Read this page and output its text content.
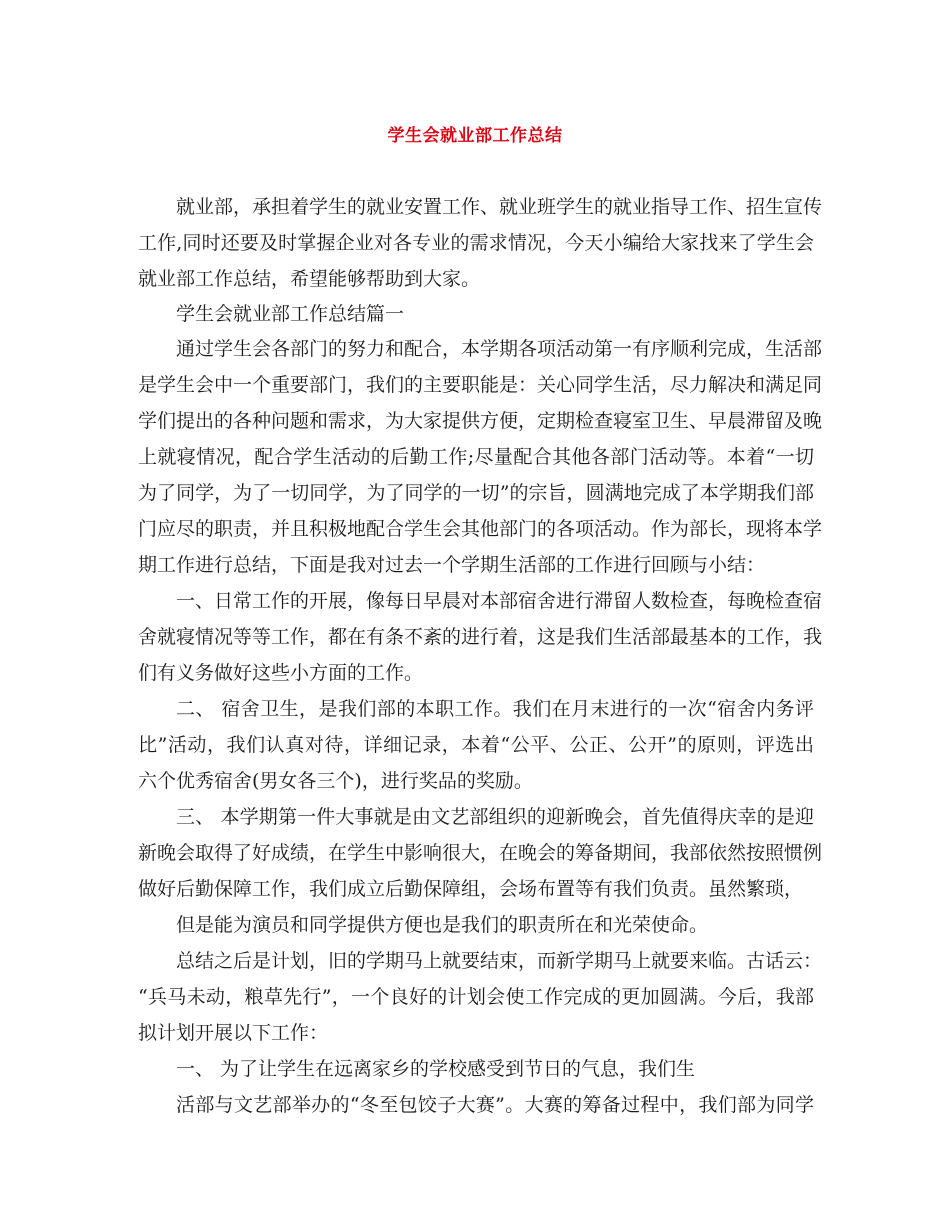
学生会就业部工作总结
就业部，承担着学生的就业安置工作、就业班学生的就业指导工作、招生宣传
工作,同时还要及时掌握企业对各专业的需求情况，今天小编给大家找来了学生会
就业部工作总结，希望能够帮助到大家。
学生会就业部工作总结篇一
通过学生会各部门的努力和配合，本学期各项活动第一有序顺利完成，生活部
是学生会中一个重要部门，我们的主要职能是：关心同学生活，尽力解决和满足同
学们提出的各种问题和需求，为大家提供方便，定期检查寝室卫生、早晨滞留及晚
上就寝情况，配合学生活动的后勤工作;尽量配合其他各部门活动等。本着“一切
为了同学，为了一切同学，为了同学的一切”的宗旨，圆满地完成了本学期我们部
门应尽的职责，并且积极地配合学生会其他部门的各项活动。作为部长，现将本学
期工作进行总结，下面是我对过去一个学期生活部的工作进行回顾与小结：
一、日常工作的开展，像每日早晨对本部宿舍进行滞留人数检查，每晚检查宿
舍就寝情况等等工作，都在有条不紊的进行着，这是我们生活部最基本的工作，我
们有义务做好这些小方面的工作。
二、 宿舍卫生，是我们部的本职工作。我们在月末进行的一次“宿舍内务评
比”活动，我们认真对待，详细记录，本着“公平、公正、公开”的原则，评选出
六个优秀宿舍(男女各三个)，进行奖品的奖励。
三、 本学期第一件大事就是由文艺部组织的迎新晚会，首先值得庆幸的是迎
新晚会取得了好成绩，在学生中影响很大，在晚会的筹备期间，我部依然按照惯例
做好后勤保障工作，我们成立后勤保障组，会场布置等有我们负责。虽然繁琐，
但是能为演员和同学提供方便也是我们的职责所在和光荣使命。
总结之后是计划，旧的学期马上就要结束，而新学期马上就要来临。古话云：
“兵马未动，粮草先行”，一个良好的计划会使工作完成的更加圆满。今后，我部
拟计划开展以下工作：
一、 为了让学生在远离家乡的学校感受到节日的气息，我们生
活部与文艺部举办的“冬至包饺子大赛”。大赛的筹备过程中，我们部为同学
